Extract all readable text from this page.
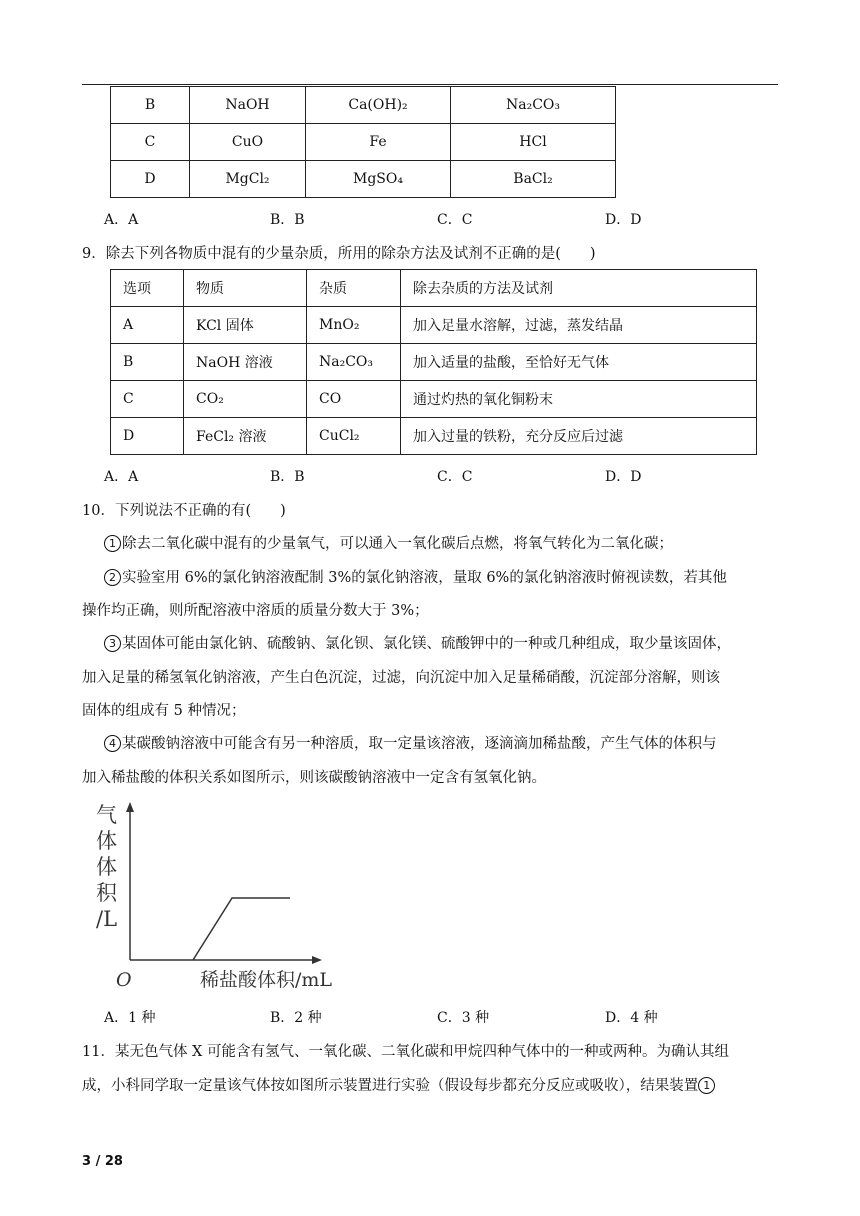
B	NaOH	Ca(OH)₂	Na₂CO₃
C	CuO	Fe	HCl
D	MgCl₂	MgSO₄	BaCl₂
A．A	B．B	C．C	D．D
9．除去下列各物质中混有的少量杂质，所用的除杂方法及试剂不正确的是(　　)
选项	物质	杂质	除去杂质的方法及试剂
A	KCl 固体	MnO₂	加入足量水溶解，过滤，蒸发结晶
B	NaOH 溶液	Na₂CO₃	加入适量的盐酸，至恰好无气体
C	CO₂	CO	通过灼热的氧化铜粉末
D	FeCl₂ 溶液	CuCl₂	加入过量的铁粉，充分反应后过滤
A．A	B．B	C．C	D．D
10．下列说法不正确的有(　　)
1 除去二氧化碳中混有的少量氧气，可以通入一氧化碳后点燃，将氧气转化为二氧化碳；
2 实验室用 6%的氯化钠溶液配制 3%的氯化钠溶液，量取 6%的氯化钠溶液时俯视读数，若其他
操作均正确，则所配溶液中溶质的质量分数大于 3%；
3 某固体可能由氯化钠、硫酸钠、氯化钡、氯化镁、硫酸钾中的一种或几种组成，取少量该固体，
加入足量的稀氢氧化钠溶液，产生白色沉淀，过滤，向沉淀中加入足量稀硝酸，沉淀部分溶解，则该
固体的组成有 5 种情况；
4 某碳酸钠溶液中可能含有另一种溶质，取一定量该溶液，逐滴滴加稀盐酸，产生气体的体积与
加入稀盐酸的体积关系如图所示，则该碳酸钠溶液中一定含有氢氧化钠。
气
体
体
积
/L
O	稀盐酸体积/mL
A．1 种	B．2 种	C．3 种	D．4 种
11．某无色气体 X 可能含有氢气、一氧化碳、二氧化碳和甲烷四种气体中的一种或两种。为确认其组
成，小科同学取一定量该气体按如图所示装置进行实验（假设每步都充分反应或吸收），结果装置 1
3 / 28
